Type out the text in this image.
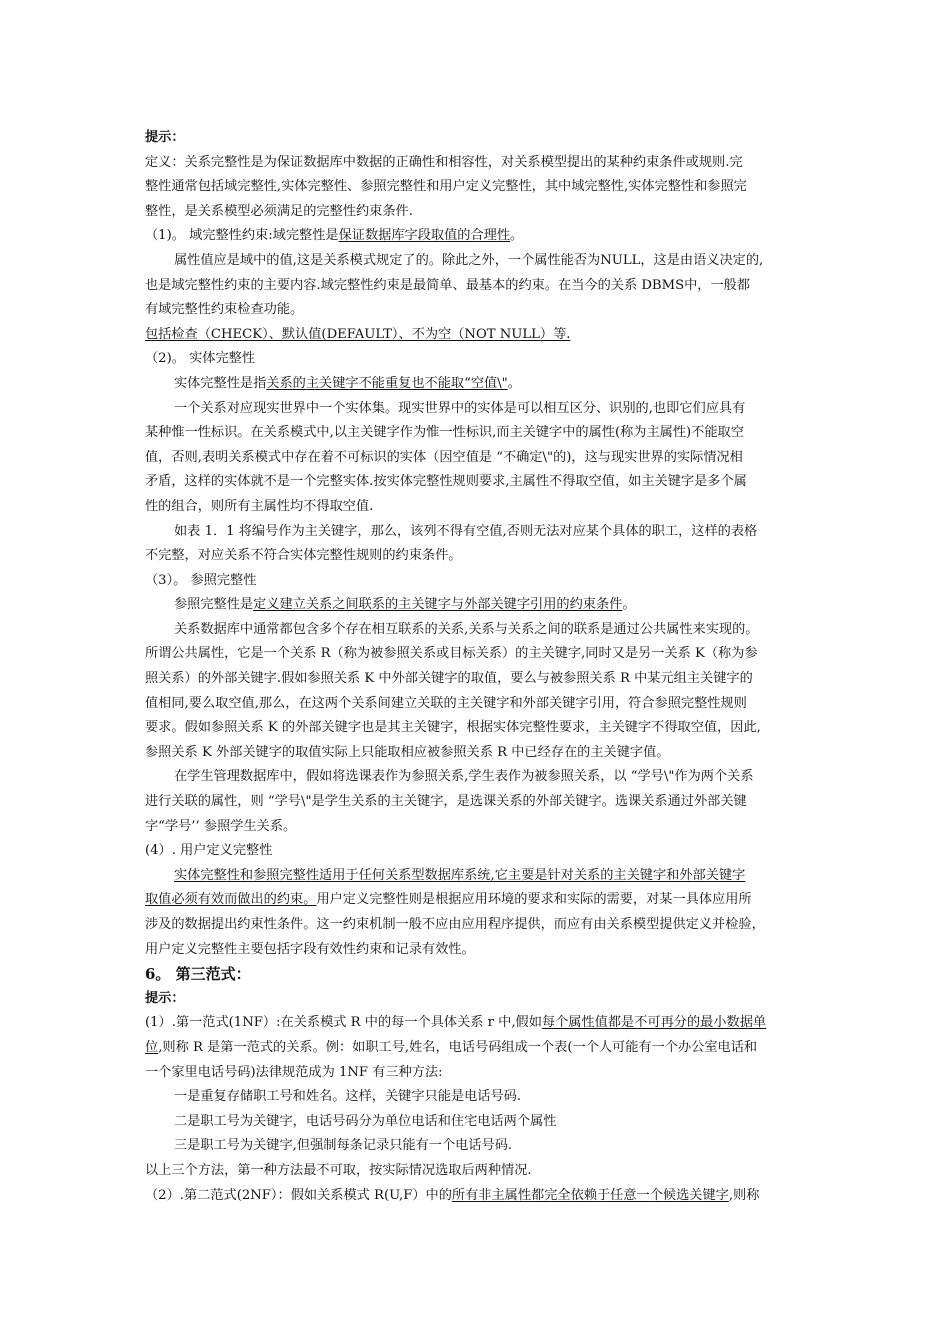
提示：
定义：关系完整性是为保证数据库中数据的正确性和相容性，对关系模型提出的某种约束条件或规则.完
整性通常包括域完整性,实体完整性、参照完整性和用户定义完整性，其中域完整性,实体完整性和参照完
整性，是关系模型必须满足的完整性约束条件.
（1)。 域完整性约束:域完整性是保证数据库字段取值的合理性。
属性值应是域中的值,这是关系模式规定了的。除此之外，一个属性能否为NULL，这是由语义决定的,
也是域完整性约束的主要内容.域完整性约束是最简单、最基本的约束。在当今的关系 DBMS中，一般都
有域完整性约束检查功能。
包括检查（CHECK）、默认值(DEFAULT）、不为空（NOT NULL）等.
（2)。 实体完整性
实体完整性是指关系的主关键字不能重复也不能取“空值\"。
一个关系对应现实世界中一个实体集。现实世界中的实体是可以相互区分、识别的,也即它们应具有
某种惟一性标识。在关系模式中,以主关键字作为惟一性标识,而主关键字中的属性(称为主属性)不能取空
值，否则,表明关系模式中存在着不可标识的实体（因空值是 “不确定\"的)，这与现实世界的实际情况相
矛盾，这样的实体就不是一个完整实体.按实体完整性规则要求,主属性不得取空值，如主关键字是多个属
性的组合，则所有主属性均不得取空值.
如表 1．1 将编号作为主关键字，那么，该列不得有空值,否则无法对应某个具体的职工，这样的表格
不完整，对应关系不符合实体完整性规则的约束条件。
（3）。 参照完整性
参照完整性是定义建立关系之间联系的主关键字与外部关键字引用的约束条件。
关系数据库中通常都包含多个存在相互联系的关系,关系与关系之间的联系是通过公共属性来实现的。
所谓公共属性，它是一个关系 R（称为被参照关系或目标关系）的主关键字,同时又是另一关系 K（称为参
照关系）的外部关键字.假如参照关系 K 中外部关键字的取值，要么与被参照关系 R 中某元组主关键字的
值相同,要么取空值,那么，在这两个关系间建立关联的主关键字和外部关键字引用，符合参照完整性规则
要求。假如参照关系 K 的外部关键字也是其主关键字，根据实体完整性要求，主关键字不得取空值，因此,
参照关系 K 外部关键字的取值实际上只能取相应被参照关系 R 中已经存在的主关键字值。
在学生管理数据库中，假如将选课表作为参照关系,学生表作为被参照关系，以 “学号\"作为两个关系
进行关联的属性，则 “学号\"是学生关系的主关键字，是选课关系的外部关键字。选课关系通过外部关键
字“学号’’ 参照学生关系。
(4）. 用户定义完整性
实体完整性和参照完整性适用于任何关系型数据库系统,它主要是针对关系的主关键字和外部关键字
取值必须有效而做出的约束。用户定义完整性则是根据应用环境的要求和实际的需要，对某一具体应用所
涉及的数据提出约束性条件。这一约束机制一般不应由应用程序提供，而应有由关系模型提供定义并检验，
用户定义完整性主要包括字段有效性约束和记录有效性。
6。 第三范式：
提示：
(1）.第一范式(1NF）:在关系模式 R 中的每一个具体关系 r 中,假如每个属性值都是不可再分的最小数据单
位,则称 R 是第一范式的关系。例：如职工号,姓名，电话号码组成一个表(一个人可能有一个办公室电话和
一个家里电话号码)法律规范成为 1NF 有三种方法:
一是重复存储职工号和姓名。这样，关键字只能是电话号码.
二是职工号为关键字，电话号码分为单位电话和住宅电话两个属性
三是职工号为关键字,但强制每条记录只能有一个电话号码.
以上三个方法，第一种方法最不可取，按实际情况选取后两种情况.
（2）.第二范式(2NF）：假如关系模式 R(U,F）中的所有非主属性都完全依赖于任意一个候选关键字,则称
